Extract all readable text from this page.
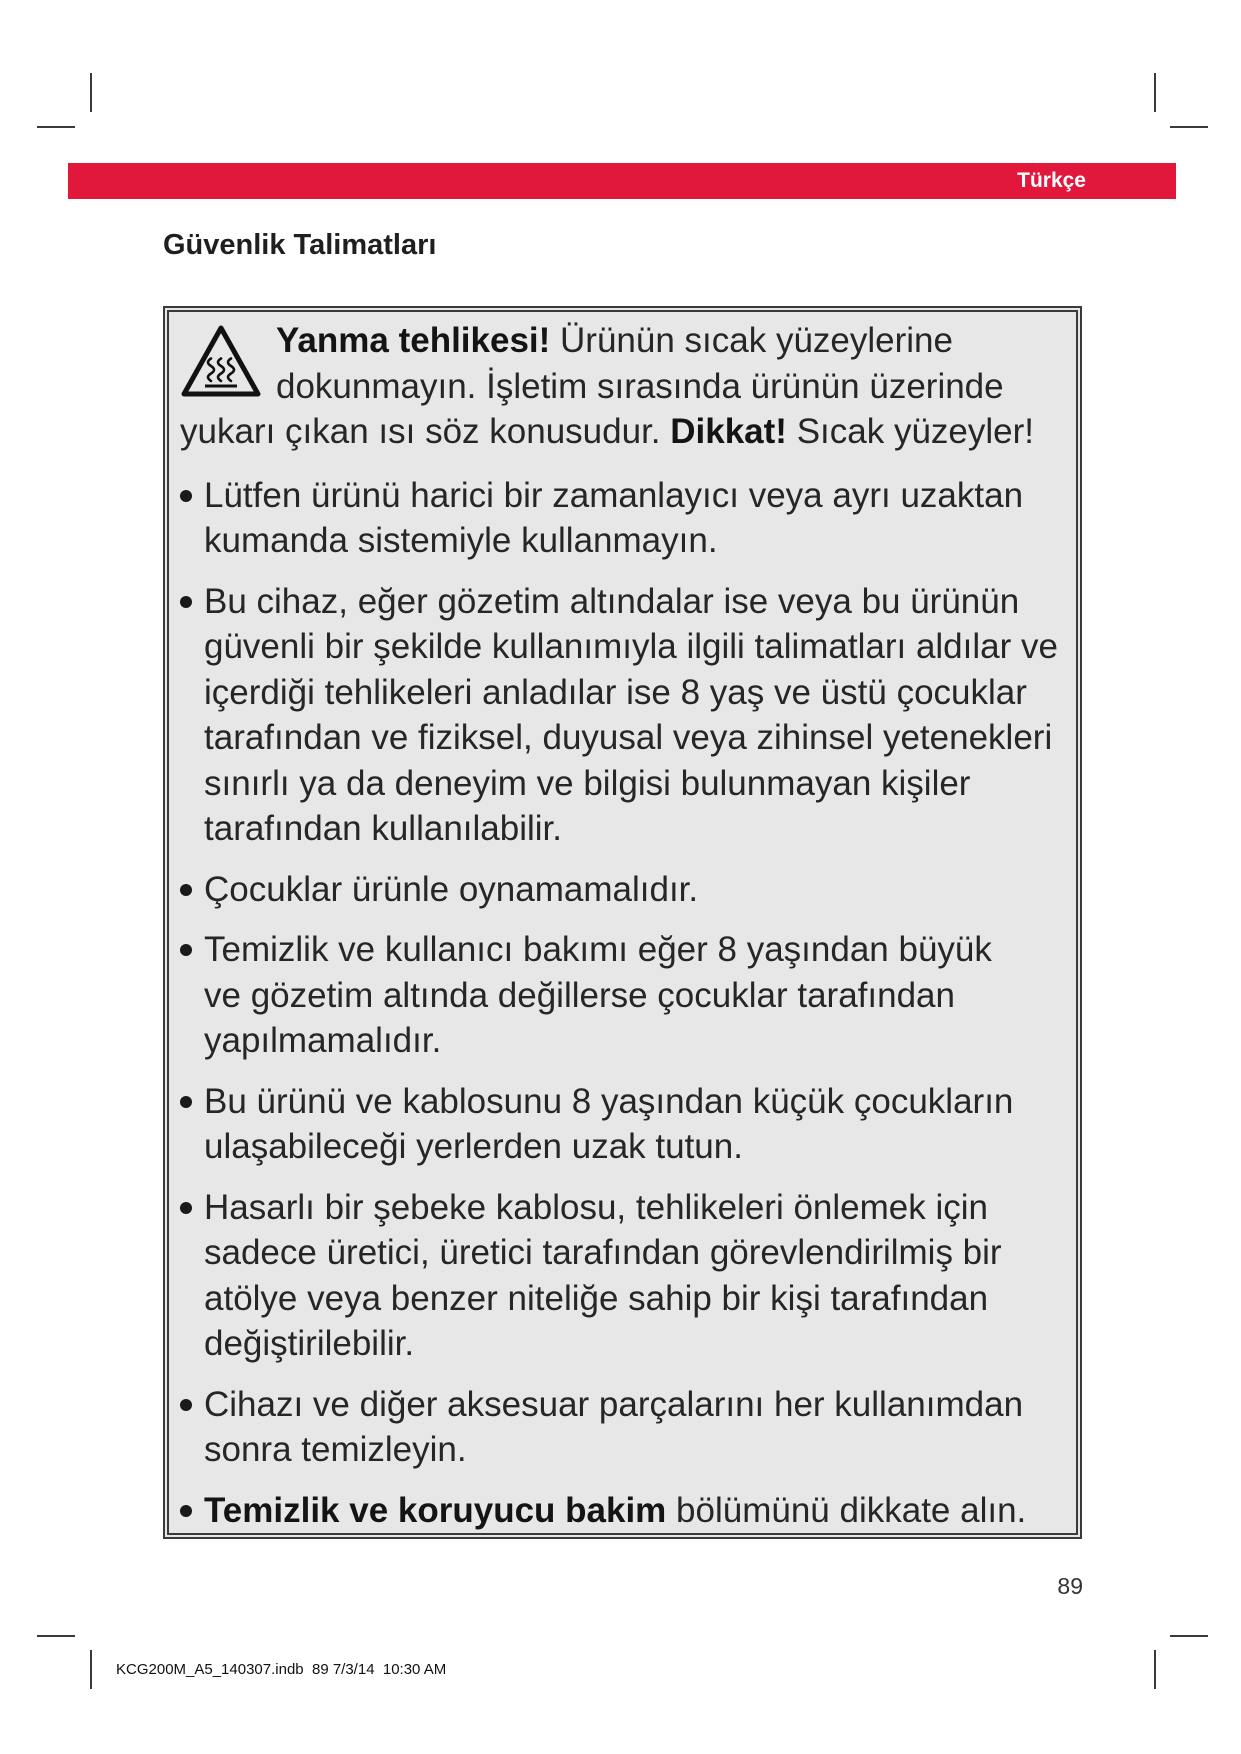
Türkçe
Güvenlik Talimatları
Yanma tehlikesi! Ürünün sıcak yüzeylerine
dokunmayın. İşletim sırasında ürünün üzerinde
yukarı çıkan ısı söz konusudur. Dikkat! Sıcak yüzeyler!
Lütfen ürünü harici bir zamanlayıcı veya ayrı uzaktan
kumanda sistemiyle kullanmayın.
Bu cihaz, eğer gözetim altındalar ise veya bu ürünün
güvenli bir şekilde kullanımıyla ilgili talimatları aldılar ve
içerdiği tehlikeleri anladılar ise 8 yaş ve üstü çocuklar
tarafından ve fiziksel, duyusal veya zihinsel yetenekleri
sınırlı ya da deneyim ve bilgisi bulunmayan kişiler
tarafından kullanılabilir.
Çocuklar ürünle oynamamalıdır.
Temizlik ve kullanıcı bakımı eğer 8 yaşından büyük
ve gözetim altında değillerse çocuklar tarafından
yapılmamalıdır.
Bu ürünü ve kablosunu 8 yaşından küçük çocukların
ulaşabileceği yerlerden uzak tutun.
Hasarlı bir şebeke kablosu, tehlikeleri önlemek için
sadece üretici, üretici tarafından görevlendirilmiş bir
atölye veya benzer niteliğe sahip bir kişi tarafından
değiştirilebilir.
Cihazı ve diğer aksesuar parçalarını her kullanımdan
sonra temizleyin.
Temizlik ve koruyucu bakim bölümünü dikkate alın.
89
KCG200M_A5_140307.indb  89 7/3/14  10:30 AM
